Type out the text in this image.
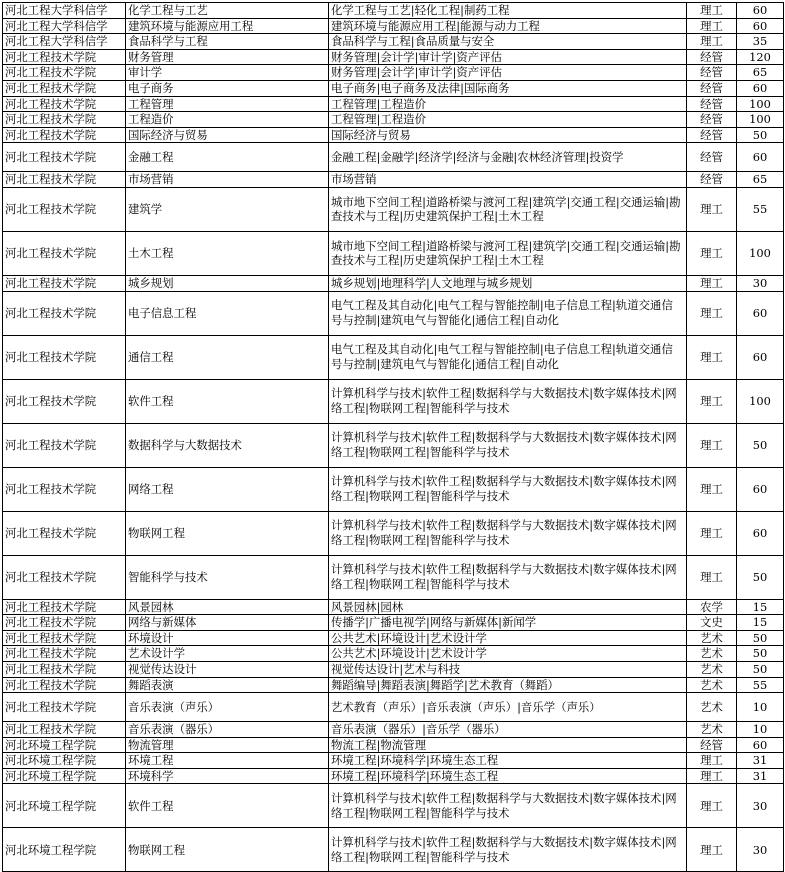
河北工程大学科信学	化学工程与工艺	化学工程与工艺|轻化工程|制药工程	理工	60
河北工程大学科信学	建筑环境与能源应用工程	建筑环境与能源应用工程|能源与动力工程	理工	60
河北工程大学科信学	食品科学与工程	食品科学与工程|食品质量与安全	理工	35
河北工程技术学院	财务管理	财务管理|会计学|审计学|资产评估	经管	120
河北工程技术学院	审计学	财务管理|会计学|审计学|资产评估	经管	65
河北工程技术学院	电子商务	电子商务|电子商务及法律|国际商务	经管	60
河北工程技术学院	工程管理	工程管理|工程造价	经管	100
河北工程技术学院	工程造价	工程管理|工程造价	经管	100
河北工程技术学院	国际经济与贸易	国际经济与贸易	经管	50
河北工程技术学院	金融工程	金融工程|金融学|经济学|经济与金融|农林经济管理|投资学	经管	60
河北工程技术学院	市场营销	市场营销	经管	65
河北工程技术学院	建筑学	城市地下空间工程|道路桥梁与渡河工程|建筑学|交通工程|交通运输|勘查技术与工程|历史建筑保护工程|土木工程	理工	55
河北工程技术学院	土木工程	城市地下空间工程|道路桥梁与渡河工程|建筑学|交通工程|交通运输|勘查技术与工程|历史建筑保护工程|土木工程	理工	100
河北工程技术学院	城乡规划	城乡规划|地理科学|人文地理与城乡规划	理工	30
河北工程技术学院	电子信息工程	电气工程及其自动化|电气工程与智能控制|电子信息工程|轨道交通信号与控制|建筑电气与智能化|通信工程|自动化	理工	60
河北工程技术学院	通信工程	电气工程及其自动化|电气工程与智能控制|电子信息工程|轨道交通信号与控制|建筑电气与智能化|通信工程|自动化	理工	60
河北工程技术学院	软件工程	计算机科学与技术|软件工程|数据科学与大数据技术|数字媒体技术|网络工程|物联网工程|智能科学与技术	理工	100
河北工程技术学院	数据科学与大数据技术	计算机科学与技术|软件工程|数据科学与大数据技术|数字媒体技术|网络工程|物联网工程|智能科学与技术	理工	50
河北工程技术学院	网络工程	计算机科学与技术|软件工程|数据科学与大数据技术|数字媒体技术|网络工程|物联网工程|智能科学与技术	理工	60
河北工程技术学院	物联网工程	计算机科学与技术|软件工程|数据科学与大数据技术|数字媒体技术|网络工程|物联网工程|智能科学与技术	理工	60
河北工程技术学院	智能科学与技术	计算机科学与技术|软件工程|数据科学与大数据技术|数字媒体技术|网络工程|物联网工程|智能科学与技术	理工	50
河北工程技术学院	风景园林	风景园林|园林	农学	15
河北工程技术学院	网络与新媒体	传播学|广播电视学|网络与新媒体|新闻学	文史	15
河北工程技术学院	环境设计	公共艺术|环境设计|艺术设计学	艺术	50
河北工程技术学院	艺术设计学	公共艺术|环境设计|艺术设计学	艺术	50
河北工程技术学院	视觉传达设计	视觉传达设计|艺术与科技	艺术	50
河北工程技术学院	舞蹈表演	舞蹈编导|舞蹈表演|舞蹈学|艺术教育（舞蹈）	艺术	55
河北工程技术学院	音乐表演（声乐）	艺术教育（声乐）|音乐表演（声乐）|音乐学（声乐）	艺术	10
河北工程技术学院	音乐表演（器乐）	音乐表演（器乐）|音乐学（器乐）	艺术	10
河北环境工程学院	物流管理	物流工程|物流管理	经管	60
河北环境工程学院	环境工程	环境工程|环境科学|环境生态工程	理工	31
河北环境工程学院	环境科学	环境工程|环境科学|环境生态工程	理工	31
河北环境工程学院	软件工程	计算机科学与技术|软件工程|数据科学与大数据技术|数字媒体技术|网络工程|物联网工程|智能科学与技术	理工	30
河北环境工程学院	物联网工程	计算机科学与技术|软件工程|数据科学与大数据技术|数字媒体技术|网络工程|物联网工程|智能科学与技术	理工	30
